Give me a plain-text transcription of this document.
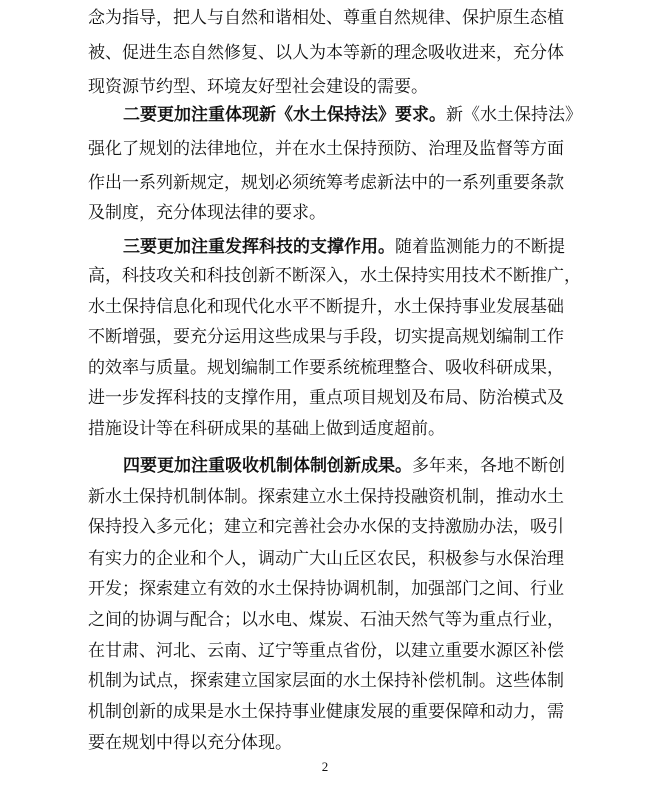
念为指导，把人与自然和谐相处、尊重自然规律、保护原生态植
被、促进生态自然修复、以人为本等新的理念吸收进来，充分体
现资源节约型、环境友好型社会建设的需要。
二要更加注重体现新《水土保持法》要求。新《水土保持法》
强化了规划的法律地位，并在水土保持预防、治理及监督等方面
作出一系列新规定，规划必须统筹考虑新法中的一系列重要条款
及制度，充分体现法律的要求。
三要更加注重发挥科技的支撑作用。随着监测能力的不断提
高，科技攻关和科技创新不断深入，水土保持实用技术不断推广，
水土保持信息化和现代化水平不断提升，水土保持事业发展基础
不断增强，要充分运用这些成果与手段，切实提高规划编制工作
的效率与质量。规划编制工作要系统梳理整合、吸收科研成果，
进一步发挥科技的支撑作用，重点项目规划及布局、防治模式及
措施设计等在科研成果的基础上做到适度超前。
四要更加注重吸收机制体制创新成果。多年来，各地不断创
新水土保持机制体制。探索建立水土保持投融资机制，推动水土
保持投入多元化；建立和完善社会办水保的支持激励办法，吸引
有实力的企业和个人，调动广大山丘区农民，积极参与水保治理
开发；探索建立有效的水土保持协调机制，加强部门之间、行业
之间的协调与配合；以水电、煤炭、石油天然气等为重点行业，
在甘肃、河北、云南、辽宁等重点省份，以建立重要水源区补偿
机制为试点，探索建立国家层面的水土保持补偿机制。这些体制
机制创新的成果是水土保持事业健康发展的重要保障和动力，需
要在规划中得以充分体现。
2
